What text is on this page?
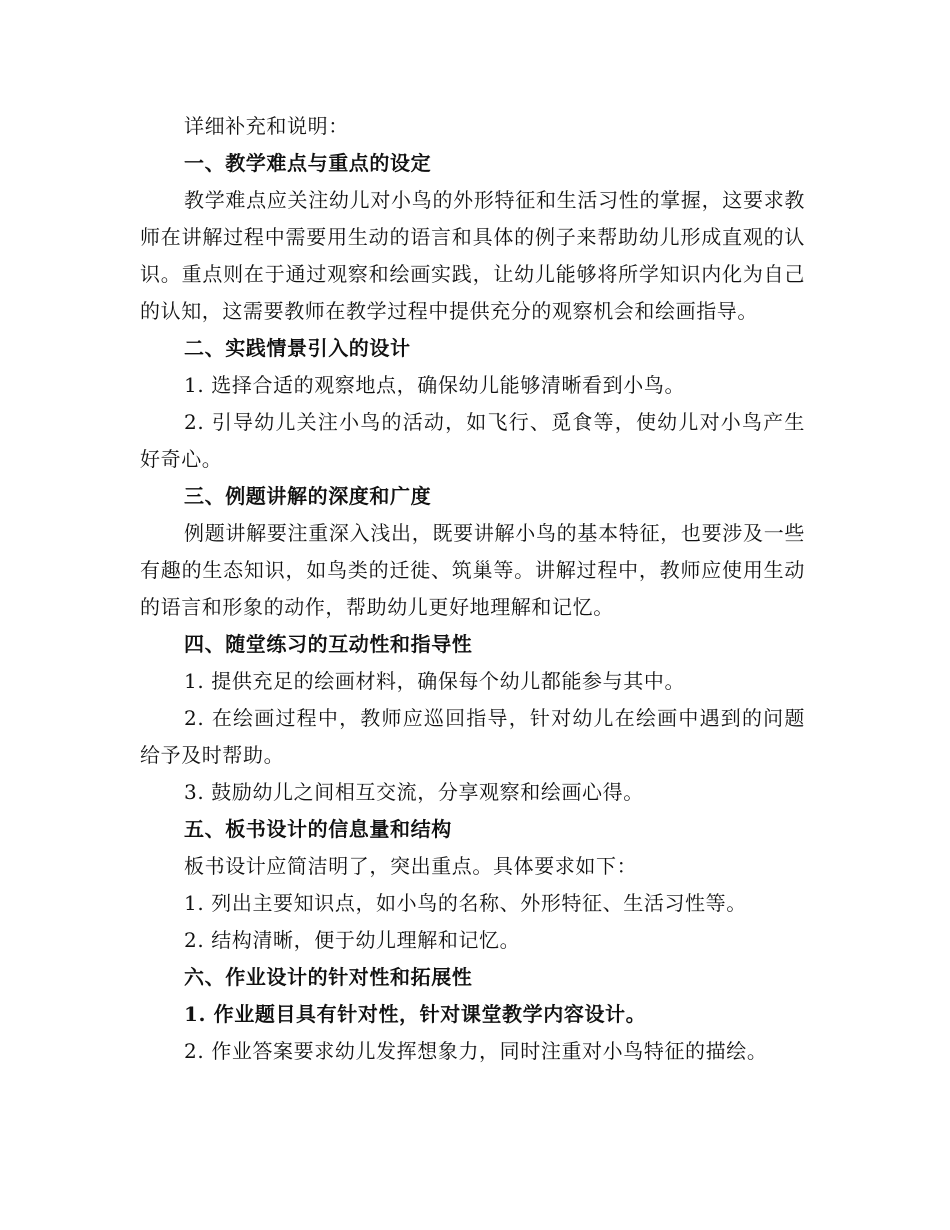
详细补充和说明：
一、教学难点与重点的设定
教学难点应关注幼儿对小鸟的外形特征和生活习性的掌握，这要求教师在讲解过程中需要用生动的语言和具体的例子来帮助幼儿形成直观的认识。重点则在于通过观察和绘画实践，让幼儿能够将所学知识内化为自己的认知，这需要教师在教学过程中提供充分的观察机会和绘画指导。
二、实践情景引入的设计
1. 选择合适的观察地点，确保幼儿能够清晰看到小鸟。
2. 引导幼儿关注小鸟的活动，如飞行、觅食等，使幼儿对小鸟产生好奇心。
三、例题讲解的深度和广度
例题讲解要注重深入浅出，既要讲解小鸟的基本特征，也要涉及一些有趣的生态知识，如鸟类的迁徙、筑巢等。讲解过程中，教师应使用生动的语言和形象的动作，帮助幼儿更好地理解和记忆。
四、随堂练习的互动性和指导性
1. 提供充足的绘画材料，确保每个幼儿都能参与其中。
2. 在绘画过程中，教师应巡回指导，针对幼儿在绘画中遇到的问题给予及时帮助。
3. 鼓励幼儿之间相互交流，分享观察和绘画心得。
五、板书设计的信息量和结构
板书设计应简洁明了，突出重点。具体要求如下：
1. 列出主要知识点，如小鸟的名称、外形特征、生活习性等。
2. 结构清晰，便于幼儿理解和记忆。
六、作业设计的针对性和拓展性
1. 作业题目具有针对性，针对课堂教学内容设计。
2. 作业答案要求幼儿发挥想象力，同时注重对小鸟特征的描绘。
